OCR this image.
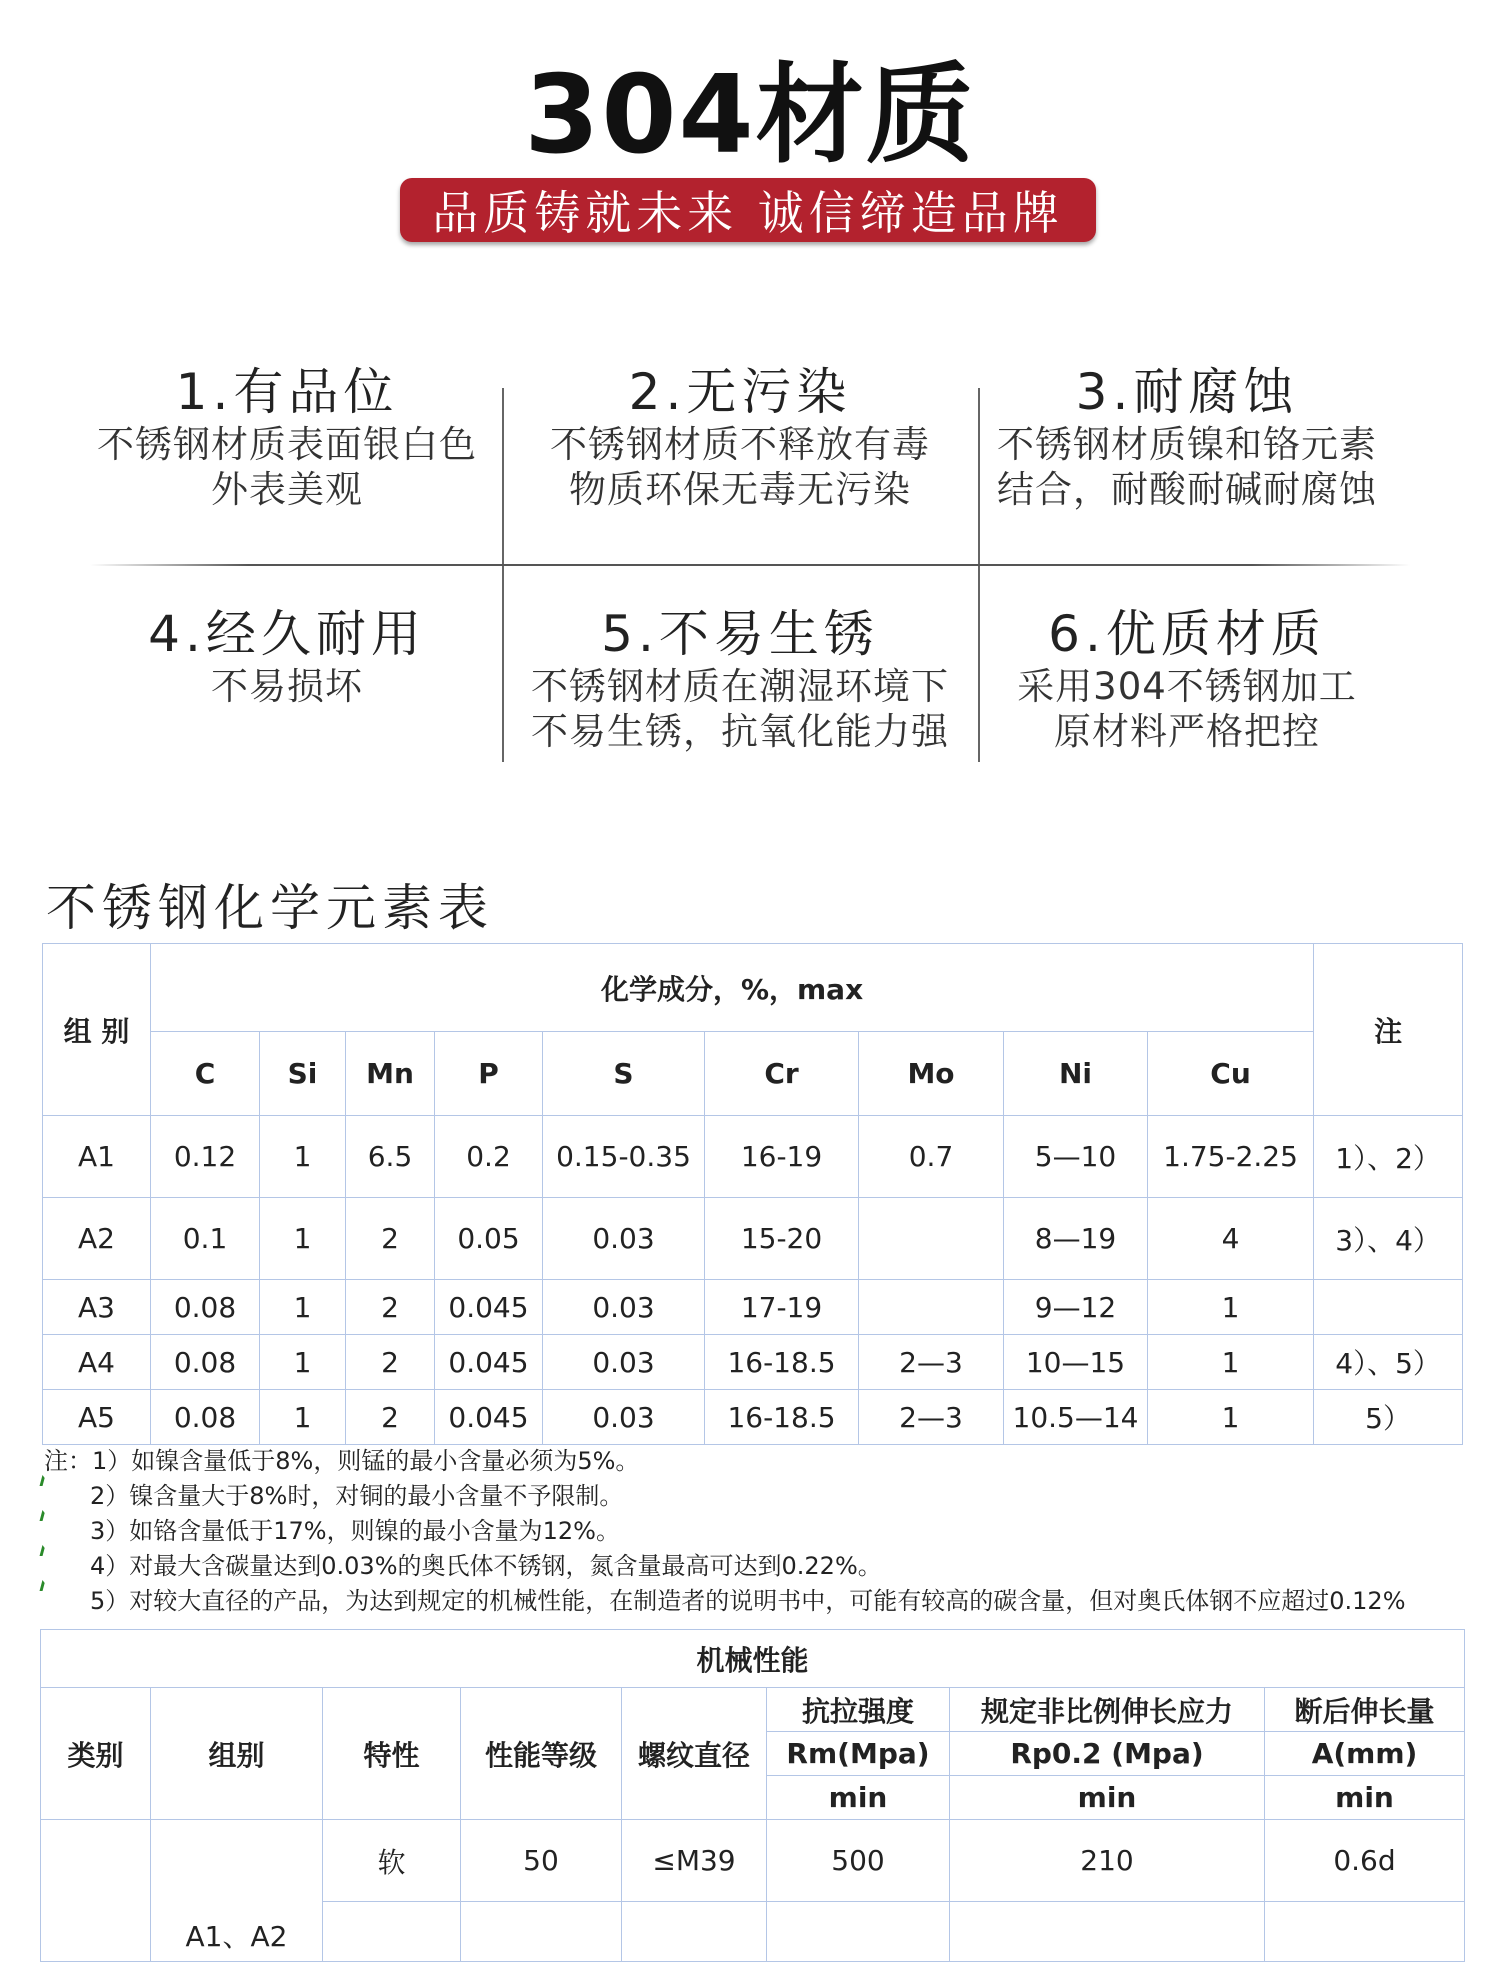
304材质
品质铸就未来 诚信缔造品牌
1.有品位
不锈钢材质表面银白色
外表美观
2.无污染
不锈钢材质不释放有毒
物质环保无毒无污染
3.耐腐蚀
不锈钢材质镍和铬元素
结合，耐酸耐碱耐腐蚀
4.经久耐用
不易损坏
5.不易生锈
不锈钢材质在潮湿环境下
不易生锈，抗氧化能力强
6.优质材质
采用304不锈钢加工
原材料严格把控
不锈钢化学元素表
组 别	化学成分，%，max									注
	C	Si	Mn	P	S	Cr	Mo	Ni	Cu	
A1	0.12	1	6.5	0.2	0.15-0.35	16-19	0.7	5—10	1.75-2.25	1）、2）
A2	0.1	1	2	0.05	0.03	15-20		8—19	4	3）、4）
A3	0.08	1	2	0.045	0.03	17-19		9—12	1	
A4	0.08	1	2	0.045	0.03	16-18.5	2—3	10—15	1	4）、5）
A5	0.08	1	2	0.045	0.03	16-18.5	2—3	10.5—14	1	5）
注：1）如镍含量低于8%，则锰的最小含量必须为5%。
2）镍含量大于8%时，对铜的最小含量不予限制。
3）如铬含量低于17%，则镍的最小含量为12%。
4）对最大含碳量达到0.03%的奥氏体不锈钢，氮含量最高可达到0.22%。
5）对较大直径的产品，为达到规定的机械性能，在制造者的说明书中，可能有较高的碳含量，但对奥氏体钢不应超过0.12%
机械性能							
类别	组别	特性	性能等级	螺纹直径	抗拉强度	规定非比例伸长应力	断后伸长量
					Rm(Mpa)	Rp0.2 (Mpa)	A(mm)
					min	min	min
	A1、A2	软	50	≤M39	500	210	0.6d
